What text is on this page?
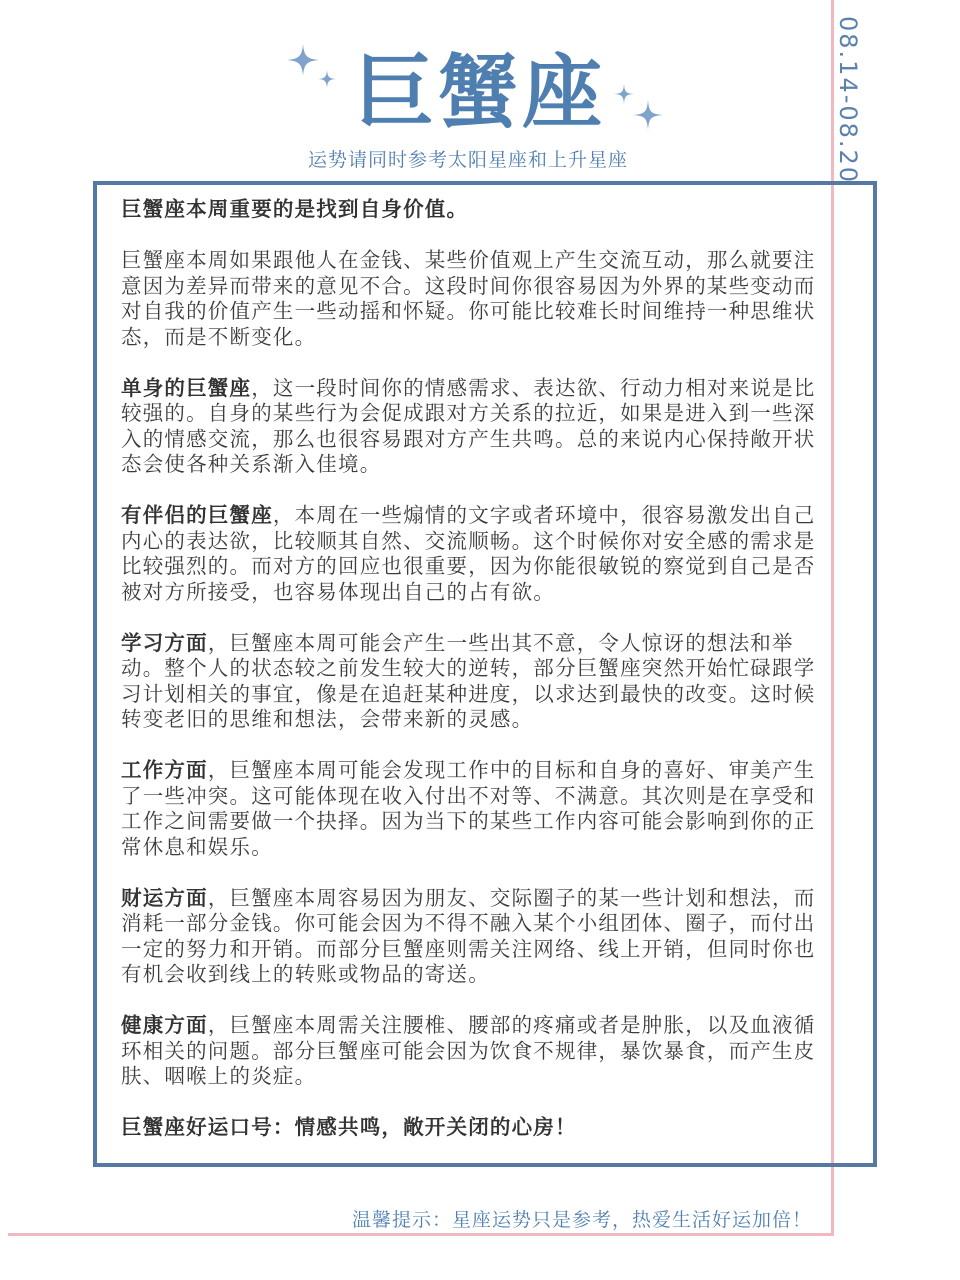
08.14-08.20
巨蟹座
运势请同时参考太阳星座和上升星座

巨蟹座本周重要的是找到自身价值。

巨蟹座本周如果跟他人在金钱、某些价值观上产生交流互动，那么就要注意因为差异而带来的意见不合。这段时间你很容易因为外界的某些变动而对自我的价值产生一些动摇和怀疑。你可能比较难长时间维持一种思维状态，而是不断变化。

单身的巨蟹座，这一段时间你的情感需求、表达欲、行动力相对来说是比较强的。自身的某些行为会促成跟对方关系的拉近，如果是进入到一些深入的情感交流，那么也很容易跟对方产生共鸣。总的来说内心保持敞开状态会使各种关系渐入佳境。

有伴侣的巨蟹座，本周在一些煽情的文字或者环境中，很容易激发出自己内心的表达欲，比较顺其自然、交流顺畅。这个时候你对安全感的需求是比较强烈的。而对方的回应也很重要，因为你能很敏锐的察觉到自己是否被对方所接受，也容易体现出自己的占有欲。

学习方面，巨蟹座本周可能会产生一些出其不意，令人惊讶的想法和举动。整个人的状态较之前发生较大的逆转，部分巨蟹座突然开始忙碌跟学习计划相关的事宜，像是在追赶某种进度，以求达到最快的改变。这时候转变老旧的思维和想法，会带来新的灵感。

工作方面，巨蟹座本周可能会发现工作中的目标和自身的喜好、审美产生了一些冲突。这可能体现在收入付出不对等、不满意。其次则是在享受和工作之间需要做一个抉择。因为当下的某些工作内容可能会影响到你的正常休息和娱乐。

财运方面，巨蟹座本周容易因为朋友、交际圈子的某一些计划和想法，而消耗一部分金钱。你可能会因为不得不融入某个小组团体、圈子，而付出一定的努力和开销。而部分巨蟹座则需关注网络、线上开销，但同时你也有机会收到线上的转账或物品的寄送。

健康方面，巨蟹座本周需关注腰椎、腰部的疼痛或者是肿胀，以及血液循环相关的问题。部分巨蟹座可能会因为饮食不规律，暴饮暴食，而产生皮肤、咽喉上的炎症。

巨蟹座好运口号：情感共鸣，敞开关闭的心房！

温馨提示：星座运势只是参考，热爱生活好运加倍！
